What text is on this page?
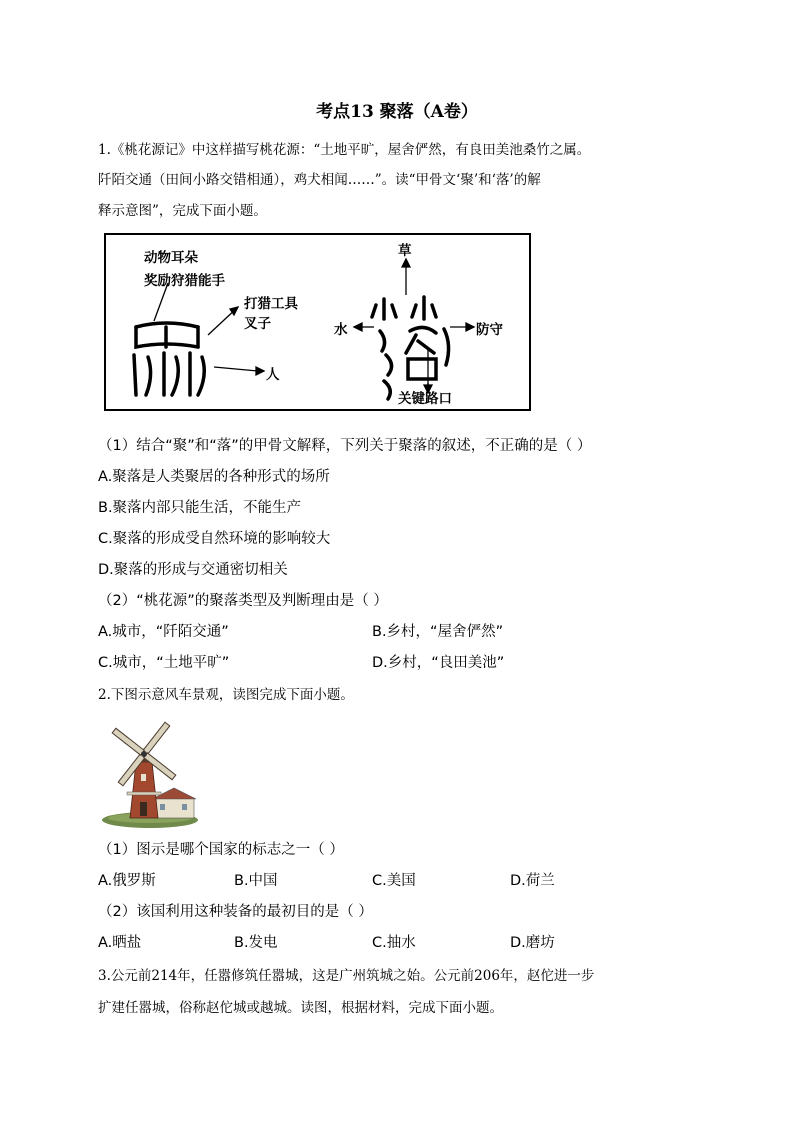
考点13 聚落（A卷）
1.《桃花源记》中这样描写桃花源：“土地平旷，屋舍俨然，有良田美池桑竹之属。
阡陌交通（田间小路交错相通），鸡犬相闻……”。读“甲骨文‘聚’和‘落’的解
释示意图”，完成下面小题。
动物耳朵
奖励狩猎能手
打猎工具
叉子
人
草
水	防守
关键路口
（1）结合“聚”和“落”的甲骨文解释，下列关于聚落的叙述，不正确的是（ ）
A.聚落是人类聚居的各种形式的场所
B.聚落内部只能生活，不能生产
C.聚落的形成受自然环境的影响较大
D.聚落的形成与交通密切相关
（2）“桃花源”的聚落类型及判断理由是（ ）
A.城市，“阡陌交通”	B.乡村，“屋舍俨然”
C.城市，“土地平旷”	D.乡村，“良田美池”
2.下图示意风车景观，读图完成下面小题。
（1）图示是哪个国家的标志之一（ ）
A.俄罗斯	B.中国	C.美国	D.荷兰
（2）该国利用这种装备的最初目的是（ ）
A.晒盐	B.发电	C.抽水	D.磨坊
3.公元前214年，任嚣修筑任嚣城，这是广州筑城之始。公元前206年，赵佗进一步
扩建任嚣城，俗称赵佗城或越城。读图，根据材料，完成下面小题。
